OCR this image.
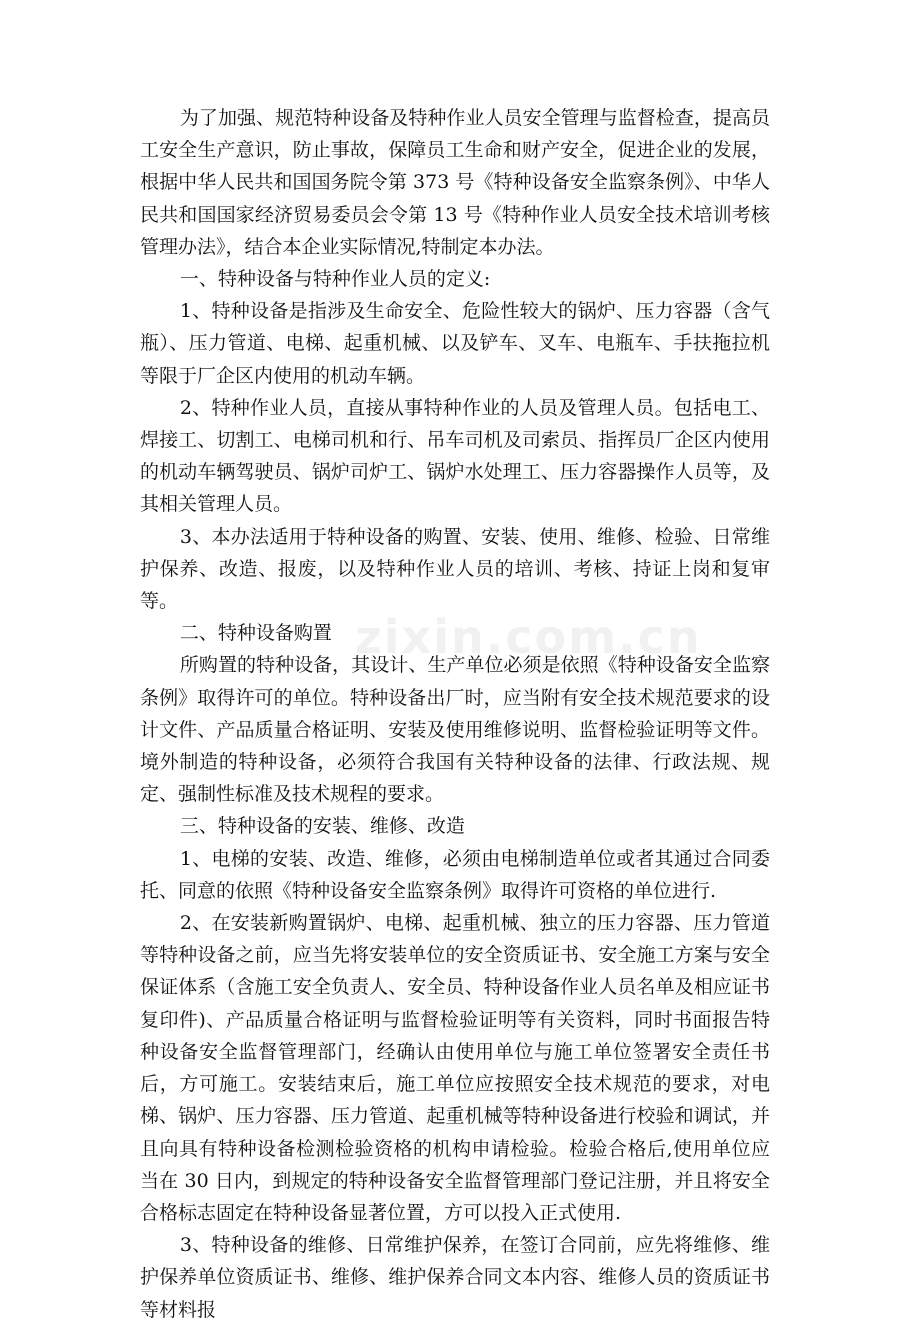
为了加强、规范特种设备及特种作业人员安全管理与监督检查，提高员工安全生产意识，防止事故，保障员工生命和财产安全，促进企业的发展，根据中华人民共和国国务院令第 373 号《特种设备安全监察条例》、中华人民共和国国家经济贸易委员会令第 13 号《特种作业人员安全技术培训考核管理办法》，结合本企业实际情况,特制定本办法。

一、特种设备与特种作业人员的定义:

1、特种设备是指涉及生命安全、危险性较大的锅炉、压力容器（含气瓶）、压力管道、电梯、起重机械、以及铲车、叉车、电瓶车、手扶拖拉机等限于厂企区内使用的机动车辆。

2、特种作业人员，直接从事特种作业的人员及管理人员。包括电工、焊接工、切割工、电梯司机和行、吊车司机及司索员、指挥员厂企区内使用的机动车辆驾驶员、锅炉司炉工、锅炉水处理工、压力容器操作人员等，及其相关管理人员。

3、本办法适用于特种设备的购置、安装、使用、维修、检验、日常维护保养、改造、报废，以及特种作业人员的培训、考核、持证上岗和复审等。

二、特种设备购置

所购置的特种设备，其设计、生产单位必须是依照《特种设备安全监察条例》取得许可的单位。特种设备出厂时，应当附有安全技术规范要求的设计文件、产品质量合格证明、安装及使用维修说明、监督检验证明等文件。境外制造的特种设备，必须符合我国有关特种设备的法律、行政法规、规定、强制性标准及技术规程的要求。

三、特种设备的安装、维修、改造

1、电梯的安装、改造、维修，必须由电梯制造单位或者其通过合同委托、同意的依照《特种设备安全监察条例》取得许可资格的单位进行.

2、在安装新购置锅炉、电梯、起重机械、独立的压力容器、压力管道等特种设备之前，应当先将安装单位的安全资质证书、安全施工方案与安全保证体系（含施工安全负责人、安全员、特种设备作业人员名单及相应证书复印件)、产品质量合格证明与监督检验证明等有关资料，同时书面报告特种设备安全监督管理部门，经确认由使用单位与施工单位签署安全责任书后，方可施工。安装结束后，施工单位应按照安全技术规范的要求，对电梯、锅炉、压力容器、压力管道、起重机械等特种设备进行校验和调试，并且向具有特种设备检测检验资格的机构申请检验。检验合格后,使用单位应当在 30 日内，到规定的特种设备安全监督管理部门登记注册，并且将安全合格标志固定在特种设备显著位置，方可以投入正式使用.

3、特种设备的维修、日常维护保养，在签订合同前，应先将维修、维护保养单位资质证书、维修、维护保养合同文本内容、维修人员的资质证书等材料报

zixin.com.cn
